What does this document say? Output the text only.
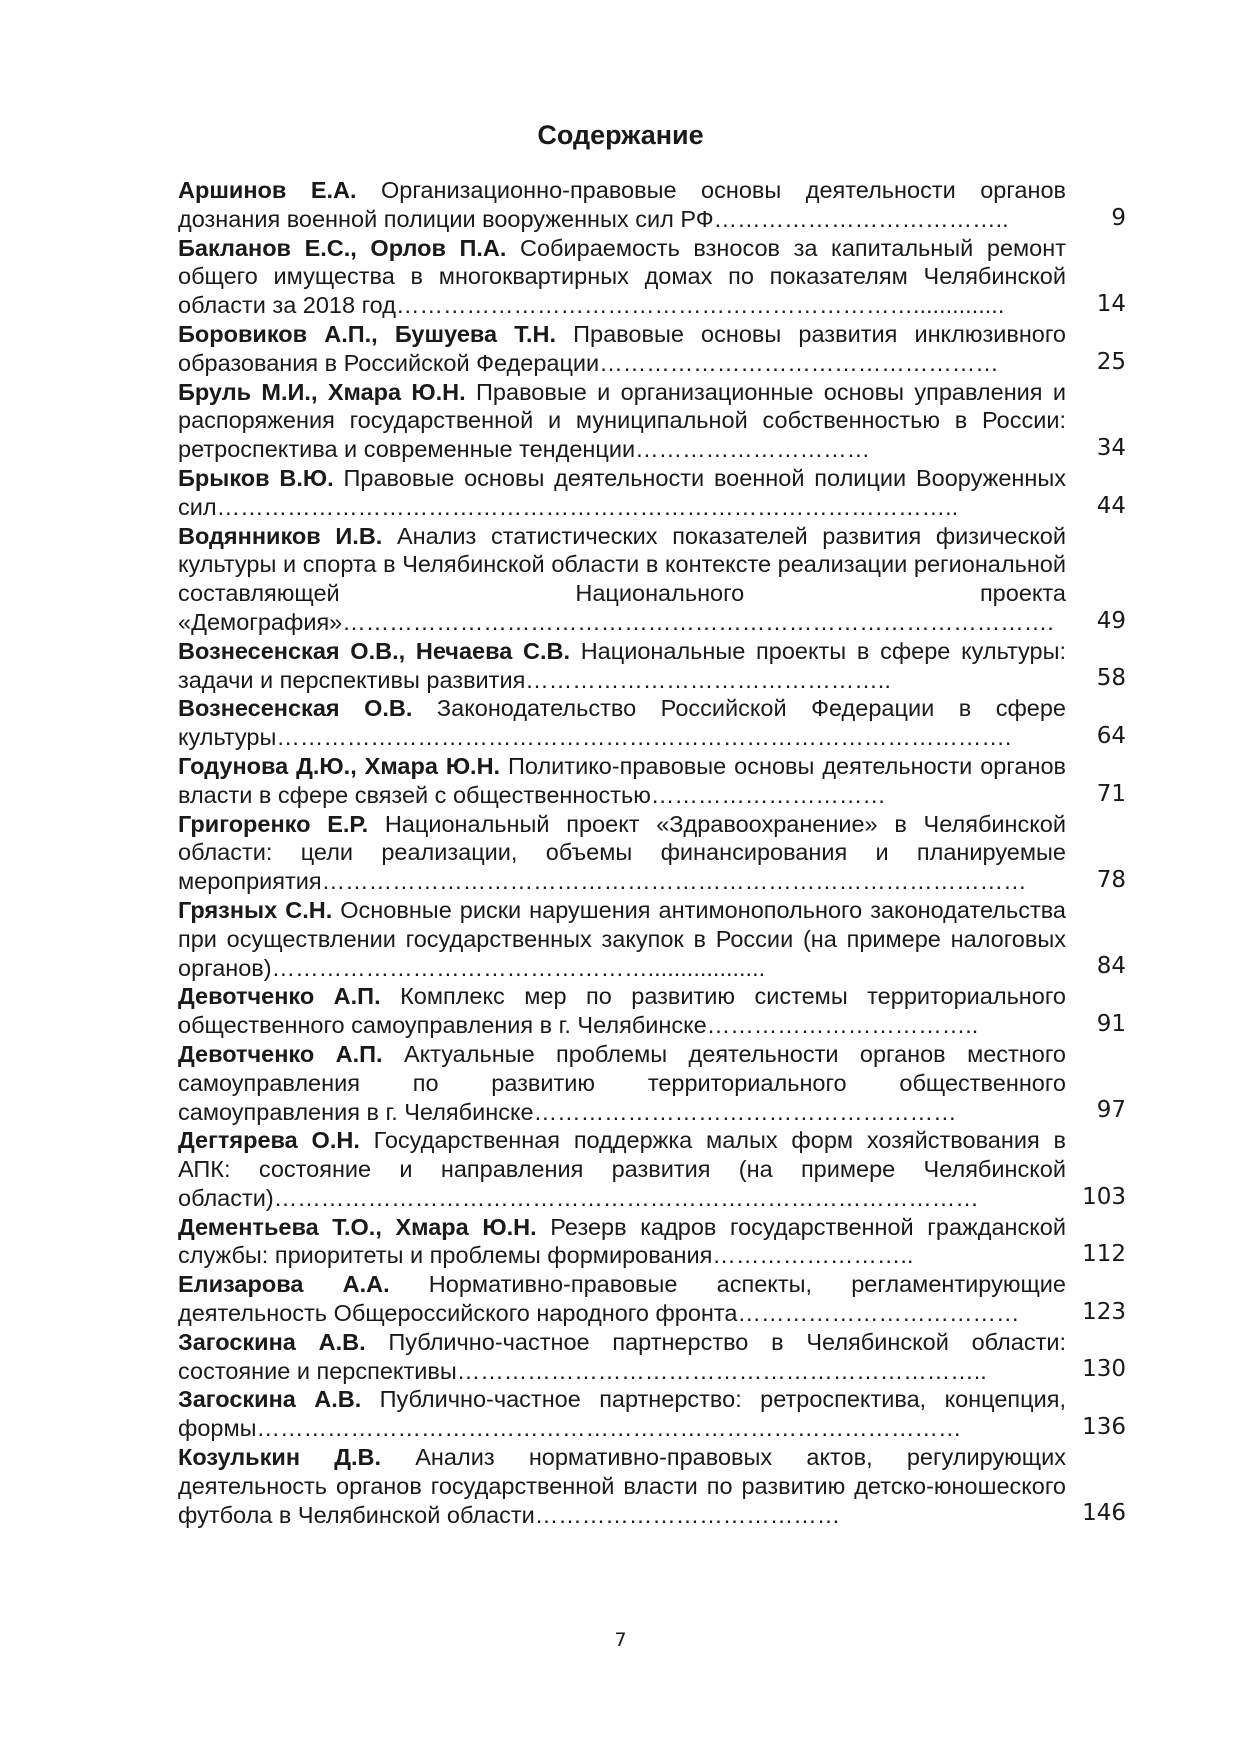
Содержание
Аршинов Е.А. Организационно-правовые основы деятельности органов дознания военной полиции вооруженных сил РФ………………………………..	9
Бакланов Е.С., Орлов П.А. Собираемость взносов за капитальный ремонт общего имущества в многоквартирных домах по показателям Челябинской области за 2018 год…………………………………………………………..............	14
Боровиков А.П., Бушуева Т.Н. Правовые основы развития инклюзивного образования в Российской Федерации……………………………………………	25
Бруль М.И., Хмара Ю.Н. Правовые и организационные основы управления и распоряжения государственной и муниципальной собственностью в России: ретроспектива и современные тенденции…………………………	34
Брыков В.Ю. Правовые основы деятельности военной полиции Вооруженных сил…………………………………………………………………………………..	44
Водянников И.В. Анализ статистических показателей развития физической культуры и спорта в Челябинской области в контексте реализации региональной составляющей Национального проекта «Демография»……………………………………………………………………………….	49
Вознесенская О.В., Нечаева С.В. Национальные проекты в сфере культуры: задачи и перспективы развития………………………………………..	58
Вознесенская О.В. Законодательство Российской Федерации в сфере культуры………………………………………………………………………………….	64
Годунова Д.Ю., Хмара Ю.Н. Политико-правовые основы деятельности органов власти в сфере связей с общественностью…………………………	71
Григоренко Е.Р. Национальный проект «Здравоохранение» в Челябинской области: цели реализации, объемы финансирования и планируемые мероприятия………………………………………………………………………………	78
Грязных С.Н. Основные риски нарушения антимонопольного законодательства при осуществлении государственных закупок в России (на примере налоговых органов)…………………………………………..................	84
Девотченко А.П. Комплекс мер по развитию системы территориального общественного самоуправления в г. Челябинске……………………………..	91
Девотченко А.П. Актуальные проблемы деятельности органов местного самоуправления по развитию территориального общественного самоуправления в г. Челябинске………………………………………………	97
Дегтярева О.Н. Государственная поддержка малых форм хозяйствования в АПК: состояние и направления развития (на примере Челябинской области)………………………………………………………………………………	103
Дементьева Т.О., Хмара Ю.Н. Резерв кадров государственной гражданской службы: приоритеты и проблемы формирования……………………..	112
Елизарова А.А. Нормативно-правовые аспекты, регламентирующие деятельность Общероссийского народного фронта………………………………	123
Загоскина А.В. Публично-частное партнерство в Челябинской области: состояние и перспективы…………………………………………………………..	130
Загоскина А.В. Публично-частное партнерство: ретроспектива, концепция, формы………………………………………………………………………………	136
Козулькин Д.В. Анализ нормативно-правовых актов, регулирующих деятельность органов государственной власти по развитию детско-юношеского футбола в Челябинской области…………………………………	146
7
